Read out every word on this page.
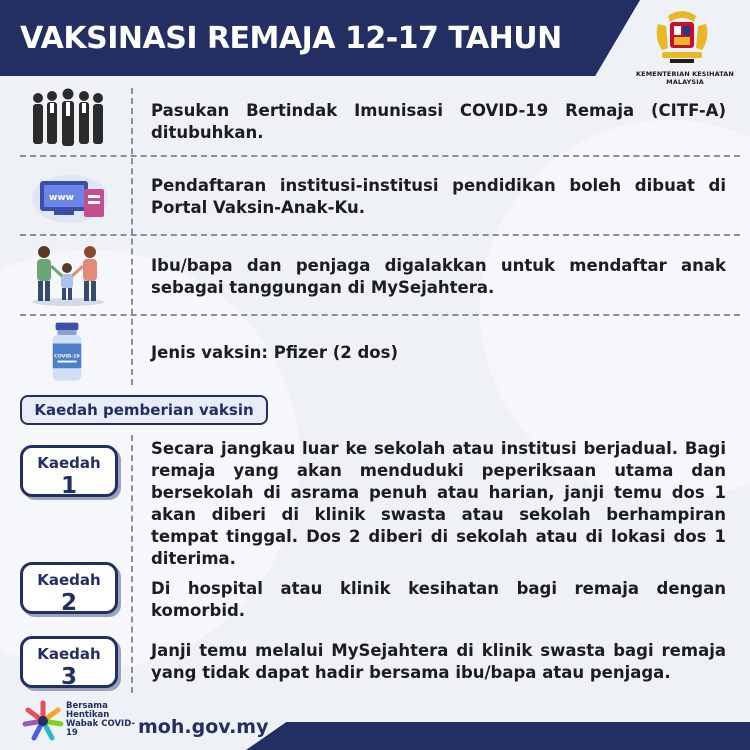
VAKSINASI REMAJA 12-17 TAHUN
KEMENTERIAN KESIHATAN MALAYSIA
Pasukan Bertindak Imunisasi COVID-19 Remaja (CITF-A) ditubuhkan.
www
Pendaftaran institusi-institusi pendidikan boleh dibuat di Portal Vaksin-Anak-Ku.
Ibu/bapa dan penjaga digalakkan untuk mendaftar anak sebagai tanggungan di MySejahtera.
COVID-19	Jenis vaksin: Pfizer (2 dos)
Kaedah pemberian vaksin
Kaedah
1
Secara jangkau luar ke sekolah atau institusi berjadual. Bagi remaja yang akan menduduki peperiksaan utama dan bersekolah di asrama penuh atau harian, janji temu dos 1 akan diberi di klinik swasta atau sekolah berhampiran tempat tinggal. Dos 2 diberi di sekolah atau di lokasi dos 1 diterima.
Kaedah
2
Di hospital atau klinik kesihatan bagi remaja dengan komorbid.
Kaedah
3
Janji temu melalui MySejahtera di klinik swasta bagi remaja yang tidak dapat hadir bersama ibu/bapa atau penjaga.
Bersama Hentikan Wabak COVID-19	moh.gov.my
